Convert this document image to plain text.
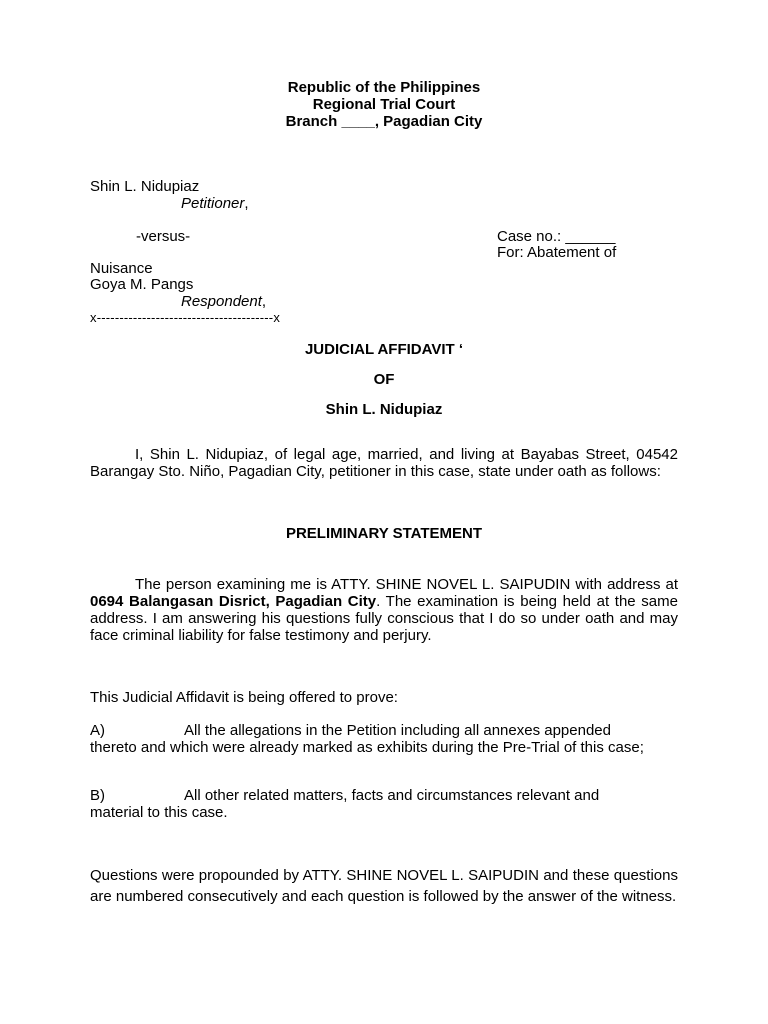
Republic of the Philippines
Regional Trial Court
Branch ____, Pagadian City
Shin L. Nidupiaz
Petitioner,
-versus-	Case no.: ______
For: Abatement of
Nuisance
Goya M. Pangs
Respondent,
x---------------------------------------x
JUDICIAL AFFIDAVIT ‘
OF
Shin L. Nidupiaz
I, Shin L. Nidupiaz, of legal age, married, and living at Bayabas Street, 04542 Barangay Sto. Niño, Pagadian City, petitioner in this case, state under oath as follows:
PRELIMINARY STATEMENT
The person examining me is ATTY. SHINE NOVEL L. SAIPUDIN with address at 0694 Balangasan Disrict, Pagadian City. The examination is being held at the same address. I am answering his questions fully conscious that I do so under oath and may face criminal liability for false testimony and perjury.
This Judicial Affidavit is being offered to prove:
A)	All the allegations in the Petition including all annexes appended
thereto and which were already marked as exhibits during the Pre-Trial of this case;
B)	All other related matters, facts and circumstances relevant and
material to this case.
Questions were propounded by ATTY. SHINE NOVEL L. SAIPUDIN and these questions are numbered consecutively and each question is followed by the answer of the witness.
